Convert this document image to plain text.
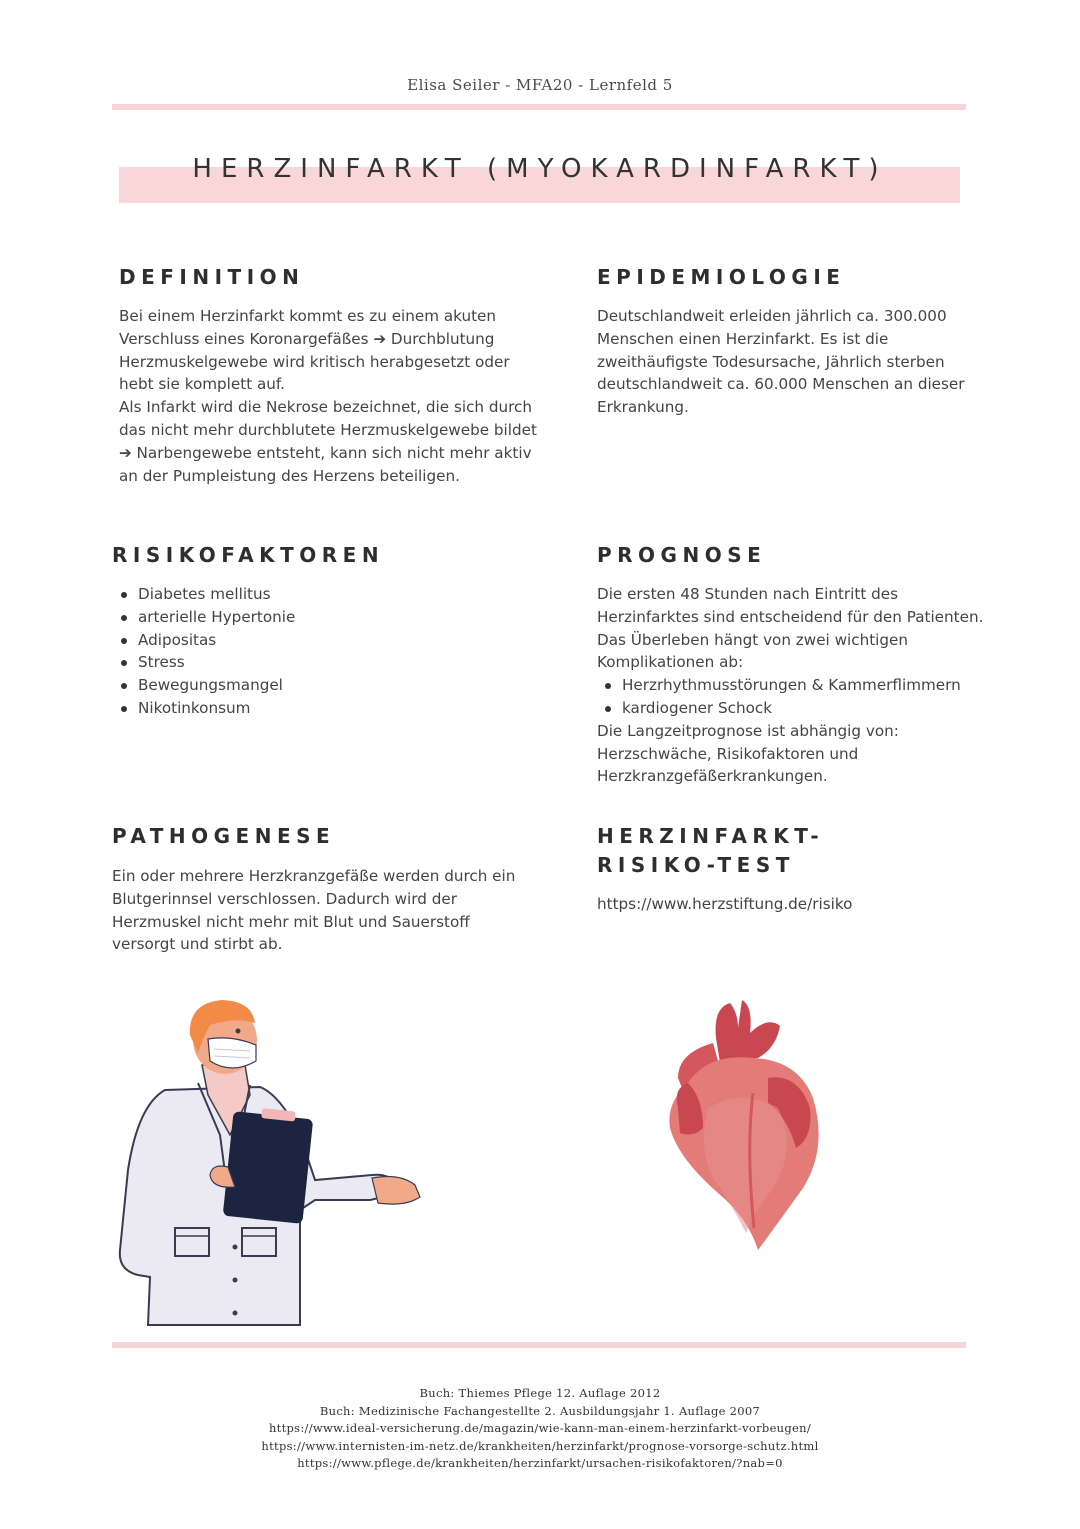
Elisa Seiler - MFA20 - Lernfeld 5
HERZINFARKT (MYOKARDINFARKT)
DEFINITION

Bei einem Herzinfarkt kommt es zu einem akuten Verschluss eines Koronargefäßes ➔ Durchblutung Herzmuskelgewebe wird kritisch herabgesetzt oder hebt sie komplett auf.

Als Infarkt wird die Nekrose bezeichnet, die sich durch das nicht mehr durchblutete Herzmuskelgewebe bildet ➔ Narbengewebe entsteht, kann sich nicht mehr aktiv an der Pumpleistung des Herzens beteiligen.

EPIDEMIOLOGIE
Deutschlandweit erleiden jährlich ca. 300.000 Menschen einen Herzinfarkt. Es ist die zweithäufigste Todesursache, Jährlich sterben deutschlandweit ca. 60.000 Menschen an dieser Erkrankung.
RISIKOFAKTOREN
Diabetes mellitus
arterielle Hypertonie
Adipositas
Stress
Bewegungsmangel
Nikotinkonsum
PROGNOSE

Die ersten 48 Stunden nach Eintritt des Herzinfarktes sind entscheidend für den Patienten. Das Überleben hängt von zwei wichtigen Komplikationen ab:

Herzrhythmusstörungen & Kammerflimmern
kardiogener Schock

Die Langzeitprognose ist abhängig von: Herzschwäche, Risikofaktoren und Herzkranzgefäßerkrankungen.

PATHOGENESE
Ein oder mehrere Herzkranzgefäße werden durch ein Blutgerinnsel verschlossen. Dadurch wird der Herzmuskel nicht mehr mit Blut und Sauerstoff versorgt und stirbt ab.
HERZINFARKT-
RISIKO-TEST
https://www.herzstiftung.de/risiko
Buch: Thiemes Pflege 12. Auflage 2012
Buch: Medizinische Fachangestellte 2. Ausbildungsjahr 1. Auflage 2007
https://www.ideal-versicherung.de/magazin/wie-kann-man-einem-herzinfarkt-vorbeugen/
https://www.internisten-im-netz.de/krankheiten/herzinfarkt/prognose-vorsorge-schutz.html
https://www.pflege.de/krankheiten/herzinfarkt/ursachen-risikofaktoren/?nab=0
